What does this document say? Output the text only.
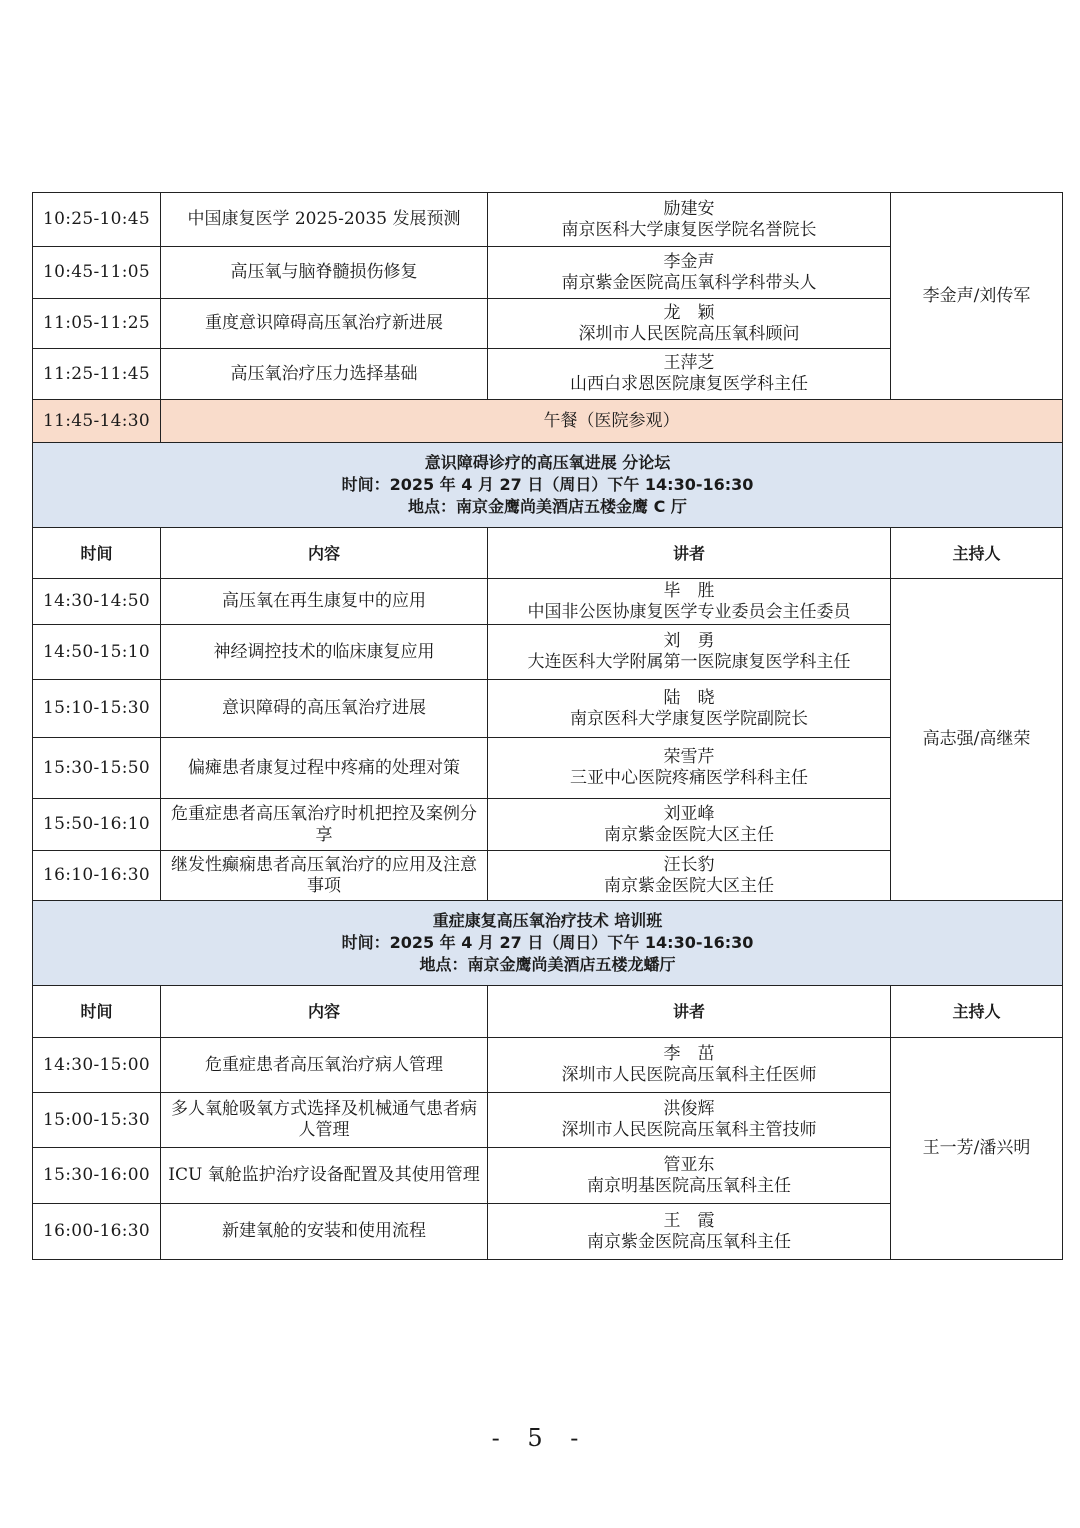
10:25-10:45	中国康复医学 2025-2035 发展预测	励建安
南京医科大学康复医学院名誉院长	李金声/刘传军
10:45-11:05	高压氧与脑脊髓损伤修复	李金声
南京紫金医院高压氧科学科带头人	

11:05-11:25	重度意识障碍高压氧治疗新进展	龙　颖
深圳市人民医院高压氧科顾问	

11:25-11:45	高压氧治疗压力选择基础	王萍芝
山西白求恩医院康复医学科主任	

11:45-14:30	午餐（医院参观）		

意识障碍诊疗的高压氧进展 分论坛
时间：2025 年 4 月 27 日（周日）下午 14:30-16:30
地点：南京金鹰尚美酒店五楼金鹰 C 厅			

时间	内容	讲者	主持人
14:30-14:50	高压氧在再生康复中的应用	毕　胜
中国非公医协康复医学专业委员会主任委员	高志强/高继荣
14:50-15:10	神经调控技术的临床康复应用	刘　勇
大连医科大学附属第一医院康复医学科主任	

15:10-15:30	意识障碍的高压氧治疗进展	陆　晓
南京医科大学康复医学院副院长	

15:30-15:50	偏瘫患者康复过程中疼痛的处理对策	荣雪芹
三亚中心医院疼痛医学科科主任	

15:50-16:10	危重症患者高压氧治疗时机把控及案例分享	刘亚峰
南京紫金医院大区主任	

16:10-16:30	继发性癫痫患者高压氧治疗的应用及注意事项	汪长豹
南京紫金医院大区主任	

重症康复高压氧治疗技术 培训班
时间：2025 年 4 月 27 日（周日）下午 14:30-16:30
地点：南京金鹰尚美酒店五楼龙蟠厅			

时间	内容	讲者	主持人
14:30-15:00	危重症患者高压氧治疗病人管理	李　茁
深圳市人民医院高压氧科主任医师	王一芳/潘兴明
15:00-15:30	多人氧舱吸氧方式选择及机械通气患者病人管理	洪俊辉
深圳市人民医院高压氧科主管技师	

15:30-16:00	ICU 氧舱监护治疗设备配置及其使用管理	管亚东
南京明基医院高压氧科主任	

16:00-16:30	新建氧舱的安装和使用流程	王　霞
南京紫金医院高压氧科主任	
- 5 -
